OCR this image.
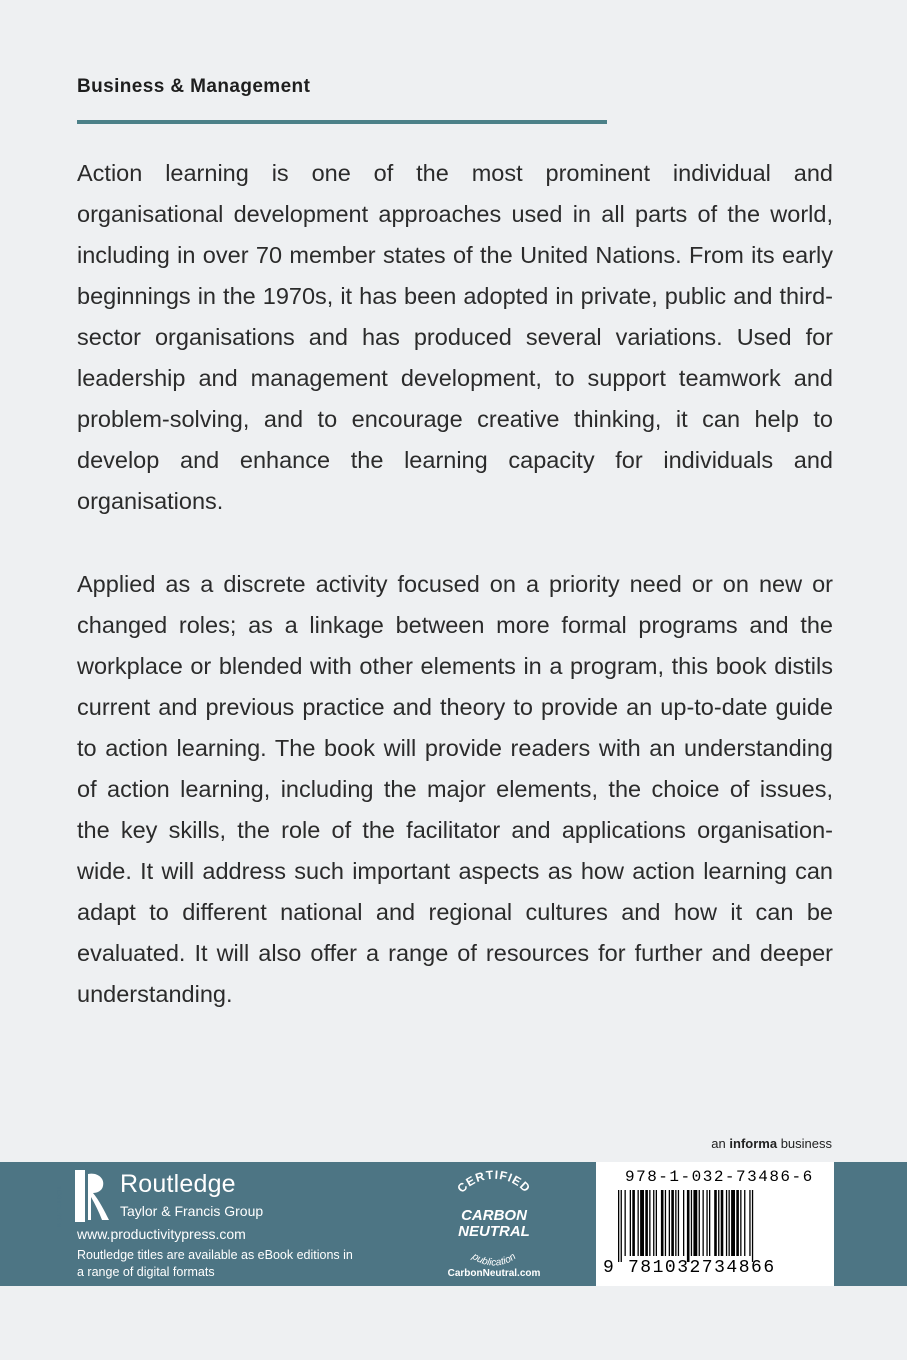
Business & Management

Action learning is one of the most prominent individual and organisational development approaches used in all parts of the world, including in over 70 member states of the United Nations. From its early beginnings in the 1970s, it has been adopted in private, public and third-sector organisations and has produced several variations. Used for leadership and management development, to support teamwork and problem-solving, and to encourage creative thinking, it can help to develop and enhance the learning capacity for individuals and organisations.

Applied as a discrete activity focused on a priority need or on new or changed roles; as a linkage between more formal programs and the workplace or blended with other elements in a program, this book distils current and previous practice and theory to provide an up-to-date guide to action learning. The book will provide readers with an understanding of action learning, including the major elements, the choice of issues, the key skills, the role of the facilitator and applications organisation-wide. It will address such important aspects as how action learning can adapt to different national and regional cultures and how it can be evaluated. It will also offer a range of resources for further and deeper understanding.

an informa business
ROUTLEDGE
Routledge
Taylor & Francis Group
www.productivitypress.com
Routledge titles are available as eBook editions in a range of digital formats
CERTIFIED
CARBON
NEUTRAL
publication
CarbonNeutral.com
978-1-032-73486-6
9 781032734866
